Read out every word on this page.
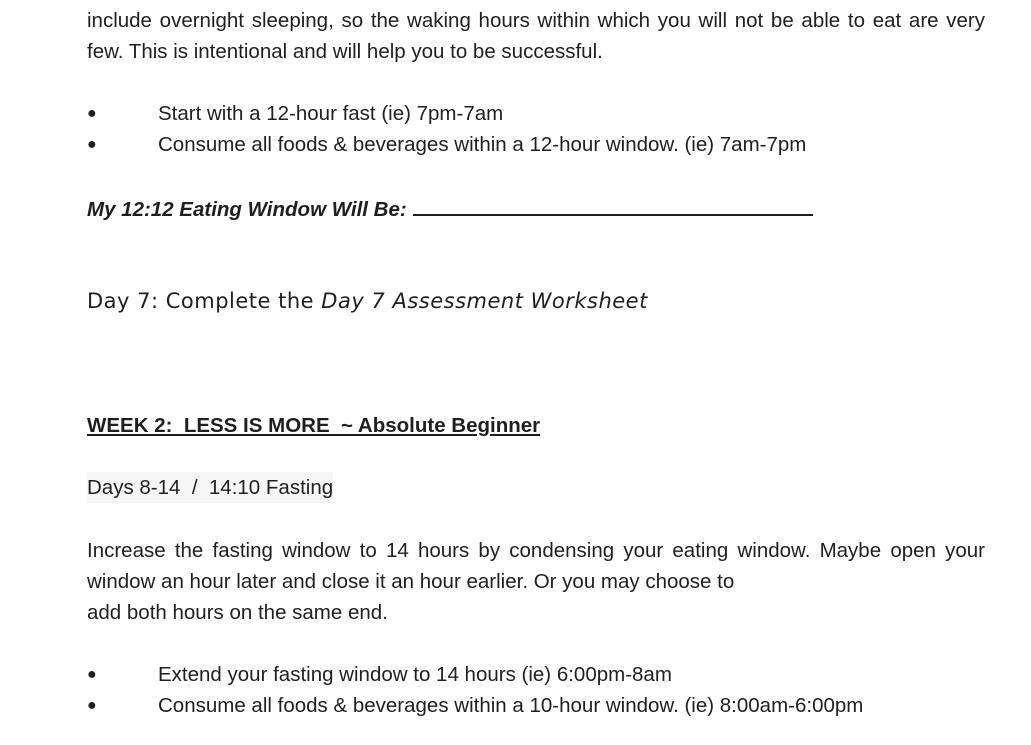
include overnight sleeping, so the waking hours within which you will not be able to eat are very few. This is intentional and will help you to be successful.

●	Start with a 12-hour fast (ie) 7pm-7am
●	Consume all foods & beverages within a 12-hour window. (ie) 7am-7pm
My 12:12 Eating Window Will Be:
Day 7: Complete the Day 7 Assessment Worksheet
WEEK 2:  LESS IS MORE  ~ Absolute Beginner
Days 8-14  /  14:10 Fasting

Increase the fasting window to 14 hours by condensing your eating window. Maybe open your window an hour later and close it an hour earlier. Or you may choose to
add both hours on the same end.

●	Extend your fasting window to 14 hours (ie) 6:00pm-8am
●	Consume all foods & beverages within a 10-hour window. (ie) 8:00am-6:00pm
